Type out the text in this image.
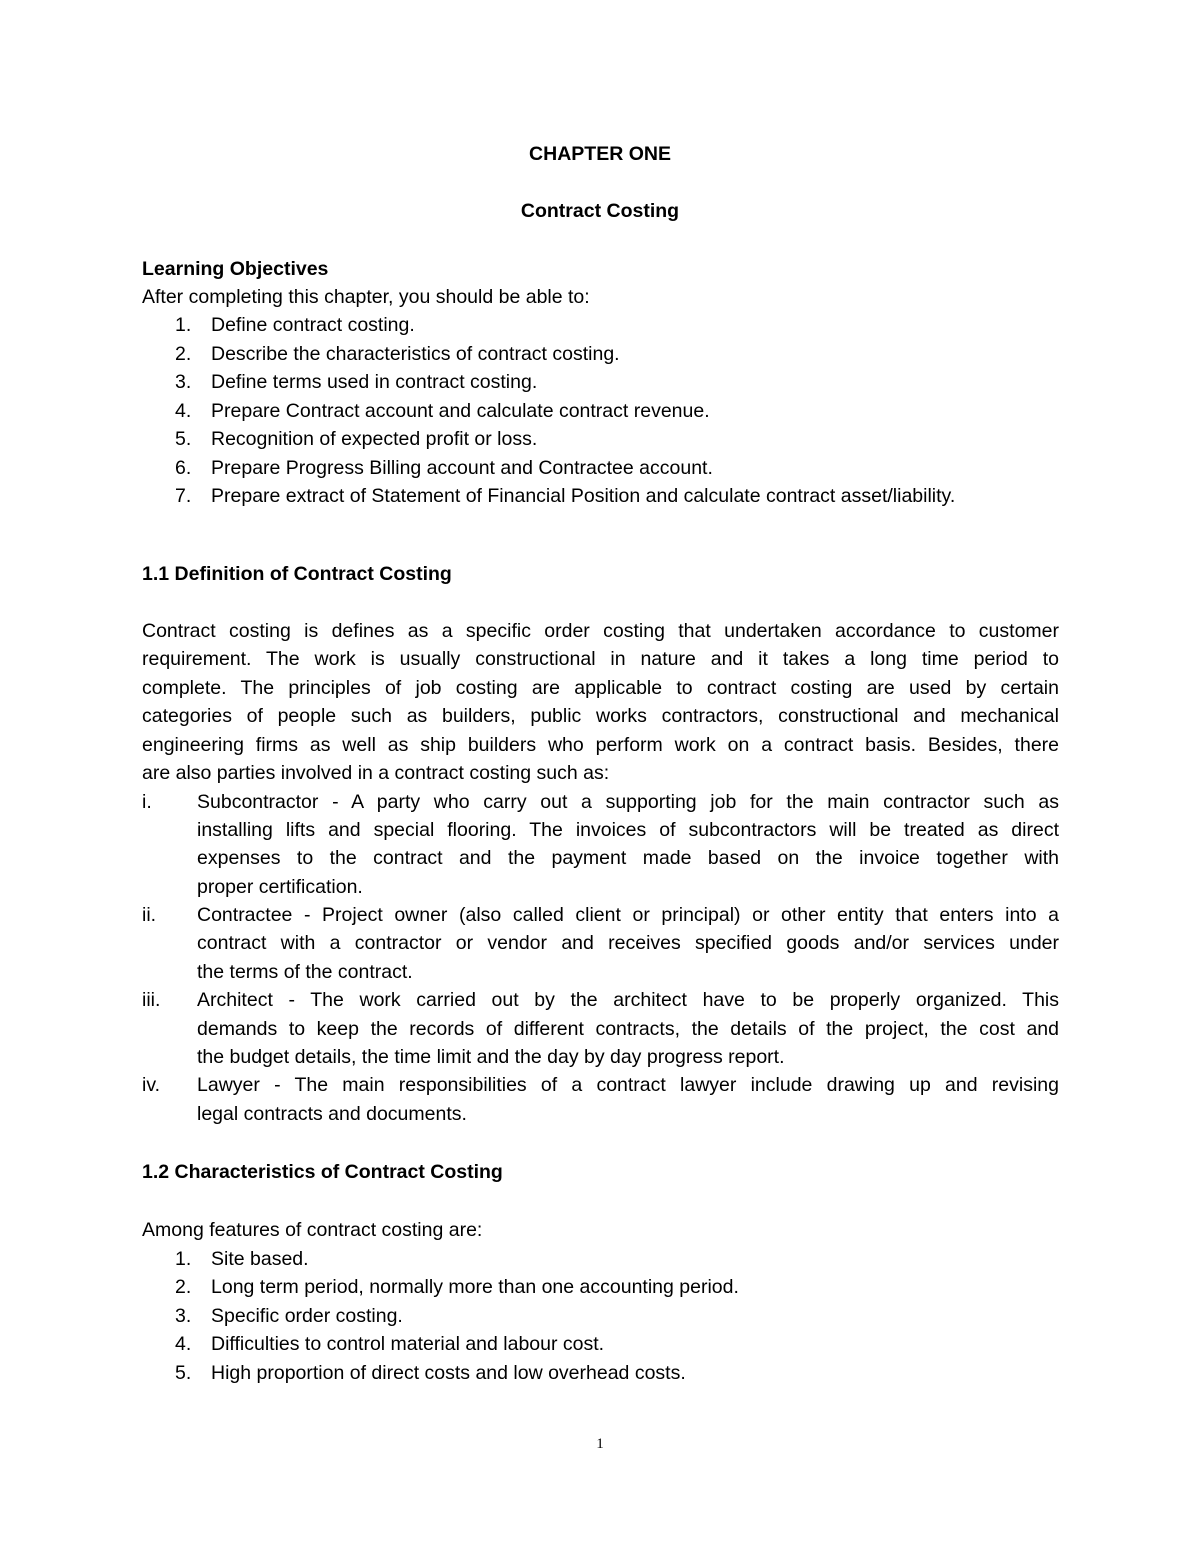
CHAPTER ONE
Contract Costing
Learning Objectives
After completing this chapter, you should be able to:
1. Define contract costing.
2. Describe the characteristics of contract costing.
3. Define terms used in contract costing.
4. Prepare Contract account and calculate contract revenue.
5. Recognition of expected profit or loss.
6. Prepare Progress Billing account and Contractee account.
7. Prepare extract of Statement of Financial Position and calculate contract asset/liability.
1.1 Definition of Contract Costing
Contract costing is defines as a specific order costing that undertaken accordance to customer
requirement. The work is usually constructional in nature and it takes a long time period to
complete. The principles of job costing are applicable to contract costing are used by certain
categories of people such as builders, public works contractors, constructional and mechanical
engineering firms as well as ship builders who perform work on a contract basis. Besides, there
are also parties involved in a contract costing such as:
i. Subcontractor - A party who carry out a supporting job for the main contractor such as
installing lifts and special flooring. The invoices of subcontractors will be treated as direct
expenses to the contract and the payment made based on the invoice together with
proper certification.
ii. Contractee - Project owner (also called client or principal) or other entity that enters into a
contract with a contractor or vendor and receives specified goods and/or services under
the terms of the contract.
iii. Architect - The work carried out by the architect have to be properly organized. This
demands to keep the records of different contracts, the details of the project, the cost and
the budget details, the time limit and the day by day progress report.
iv. Lawyer - The main responsibilities of a contract lawyer include drawing up and revising
legal contracts and documents.
1.2 Characteristics of Contract Costing
Among features of contract costing are:
1. Site based.
2. Long term period, normally more than one accounting period.
3. Specific order costing.
4. Difficulties to control material and labour cost.
5. High proportion of direct costs and low overhead costs.
1
